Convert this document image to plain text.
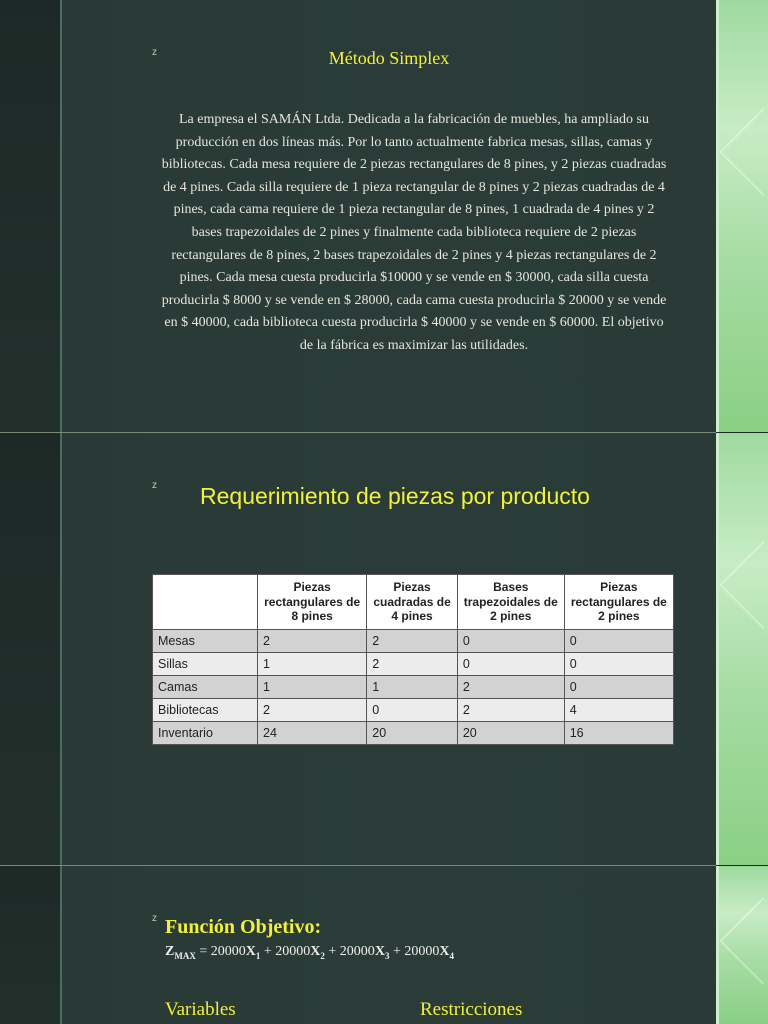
z	Método Simplex

La empresa el SAMÁN Ltda. Dedicada a la fabricación de muebles, ha ampliado su producción en dos líneas más. Por lo tanto actualmente fabrica mesas, sillas, camas y bibliotecas. Cada mesa requiere de 2 piezas rectangulares de 8 pines, y 2 piezas cuadradas de 4 pines. Cada silla requiere de 1 pieza rectangular de 8 pines y 2 piezas cuadradas de 4 pines, cada cama requiere de 1 pieza rectangular de 8 pines, 1 cuadrada de 4 pines y 2 bases trapezoidales de 2 pines y finalmente cada biblioteca requiere de 2 piezas rectangulares de 8 pines, 2 bases trapezoidales de 2 pines y 4 piezas rectangulares de 2 pines. Cada mesa cuesta producirla $10000 y se vende en $ 30000, cada silla cuesta producirla $ 8000 y se vende en $ 28000, cada cama cuesta producirla $ 20000 y se vende en $ 40000, cada biblioteca cuesta producirla $ 40000 y se vende en $ 60000. El objetivo de la fábrica es maximizar las utilidades.

z Requerimiento de piezas por producto
	Piezas rectangulares de 8 pines	Piezas cuadradas de 4 pines	Bases trapezoidales de 2 pines	Piezas rectangulares de 2 pines
Mesas	2	2	0	0
Sillas	1	2	0	0
Camas	1	1	2	0
Bibliotecas	2	0	2	4
Inventario	24	20	20	16
z Función Objetivo:
$Z_{MAX} = 20000X_1 + 20000X_2 + 20000X_3 + 20000X_4$
Variables	Restricciones
